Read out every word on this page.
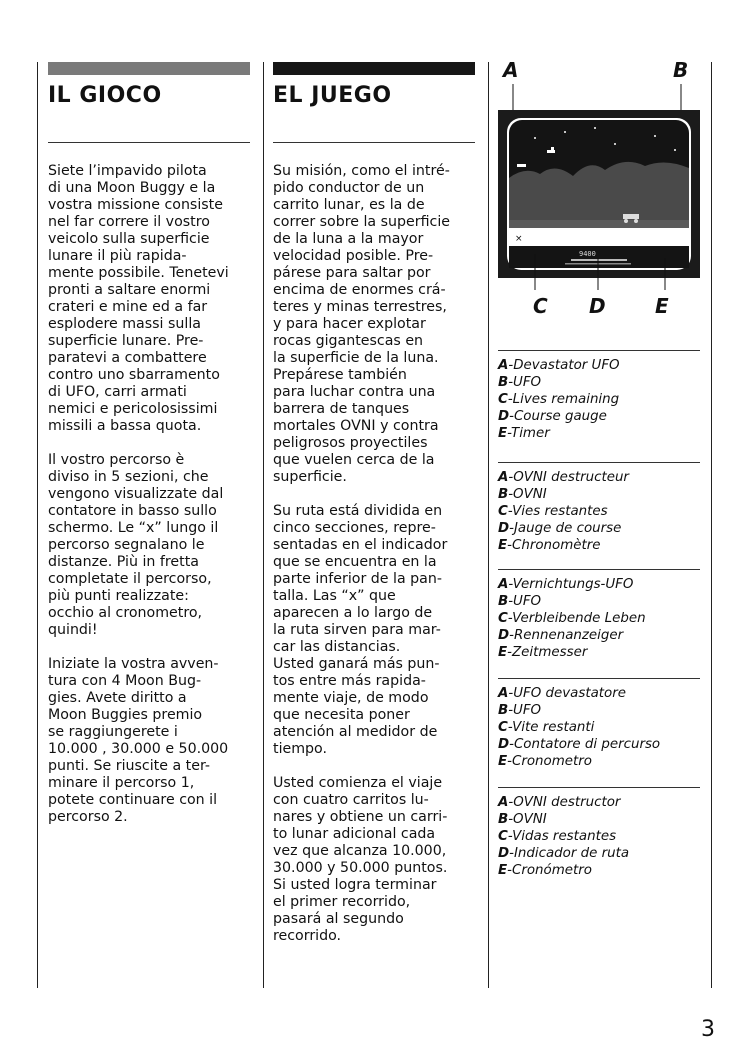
IL GIOCO
Siete l’impavido pilota
di una Moon Buggy e la
vostra missione consiste
nel far correre il vostro
veicolo sulla superficie
lunare il più rapida-
mente possibile. Tenetevi
pronti a saltare enormi
crateri e mine ed a far
esplodere massi sulla
superficie lunare. Pre-
paratevi a combattere
contro uno sbarramento
di UFO, carri armati
nemici e pericolosissimi
missili a bassa quota.

Il vostro percorso è
diviso in 5 sezioni, che
vengono visualizzate dal
contatore in basso sullo
schermo. Le “x” lungo il
percorso segnalano le
distanze. Più in fretta
completate il percorso,
più punti realizzate:
occhio al cronometro,
quindi!

Iniziate la vostra avven-
tura con 4 Moon Bug-
gies. Avete diritto a
Moon Buggies premio
se raggiungerete i
10.000 , 30.000 e 50.000
punti. Se riuscite a ter-
minare il percorso 1,
potete continuare con il
percorso 2.
EL JUEGO
Su misión, como el intré-
pido conductor de un
carrito lunar, es la de
correr sobre la superficie
de la luna a la mayor
velocidad posible. Pre-
párese para saltar por
encima de enormes crá-
teres y minas terrestres,
y para hacer explotar
rocas gigantescas en
la superficie de la luna.
Prepárese también
para luchar contra una
barrera de tanques
mortales OVNI y contra
peligrosos proyectiles
que vuelen cerca de la
superficie.

Su ruta está dividida en
cinco secciones, repre-
sentadas en el indicador
que se encuentra en la
parte inferior de la pan-
talla. Las “x” que
aparecen a lo largo de
la ruta sirven para mar-
car las distancias.
Usted ganará más pun-
tos entre más rapida-
mente viaje, de modo
que necesita poner
atención al medidor de
tiempo.

Usted comienza el viaje
con cuatro carritos lu-
nares y obtiene un carri-
to lunar adicional cada
vez que alcanza 10.000,
30.000 y 50.000 puntos.
Si usted logra terminar
el primer recorrido,
pasará al segundo
recorrido.
A	B
×
9400
C D E
A-Devastator UFO
B-UFO
C-Lives remaining
D-Course gauge
E-Timer
A-OVNI destructeur
B-OVNI
C-Vies restantes
D-Jauge de course
E-Chronomètre
A-Vernichtungs-UFO
B-UFO
C-Verbleibende Leben
D-Rennenanzeiger
E-Zeitmesser
A-UFO devastatore
B-UFO
C-Vite restanti
D-Contatore di percurso
E-Cronometro
A-OVNI destructor
B-OVNI
C-Vidas restantes
D-Indicador de ruta
E-Cronómetro
3
